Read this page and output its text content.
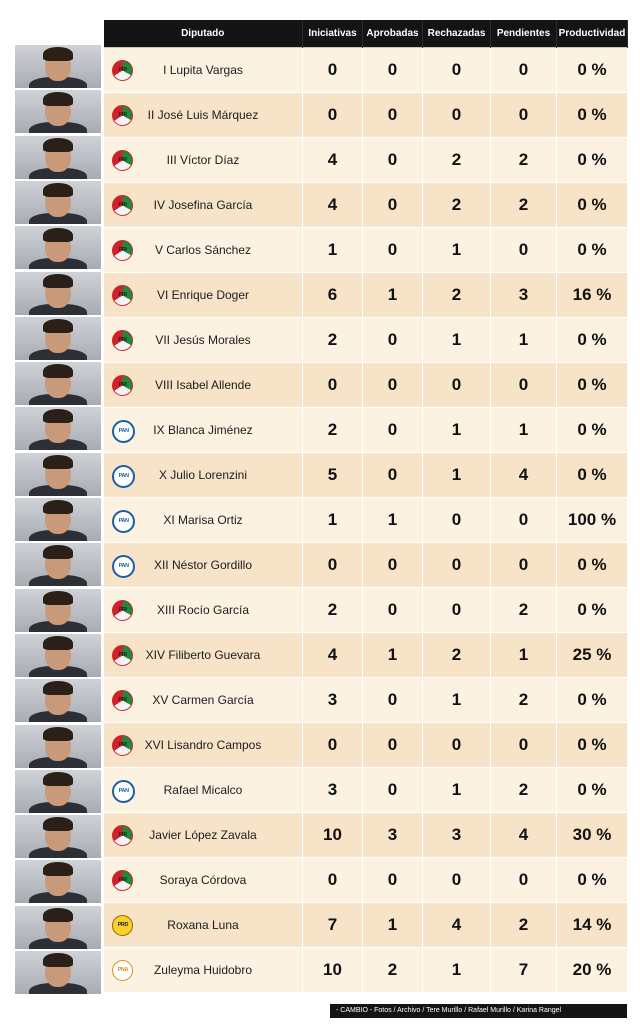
Diputado	Iniciativas	Aprobadas	Rechazadas	Pendientes	Productividad

PRI I Lupita Vargas	0	0	0	0	0 %

PRI II José Luis Márquez	0	0	0	0	0 %

PRI III Víctor Díaz	4	0	2	2	0 %

PRI IV Josefina García	4	0	2	2	0 %

PRI V Carlos Sánchez	1	0	1	0	0 %

PRI VI Enrique Doger	6	1	2	3	16 %

PRI VII Jesús Morales	2	0	1	1	0 %

PRI VIII Isabel Allende	0	0	0	0	0 %

PAN IX Blanca Jiménez	2	0	1	1	0 %

PAN X Julio Lorenzini	5	0	1	4	0 %

PAN XI Marisa Ortiz	1	1	0	0	100 %

PAN XII Néstor Gordillo	0	0	0	0	0 %

PRI XIII Rocío García	2	0	0	2	0 %

PRI XIV Filiberto Guevara	4	1	2	1	25 %

PRI XV Carmen García	3	0	1	2	0 %

PRI XVI Lisandro Campos	0	0	0	0	0 %

PAN Rafael Micalco	3	0	1	2	0 %

PRI Javier López Zavala	10	3	3	4	30 %

PRI Soraya Córdova	0	0	0	0	0 %

PRD Roxana Luna	7	1	4	2	14 %

PNA Zuleyma Huidobro	10	2	1	7	20 %
- CAMBIO - Fotos / Archivo / Tere Murillo / Rafael Murillo / Karina Rangel
